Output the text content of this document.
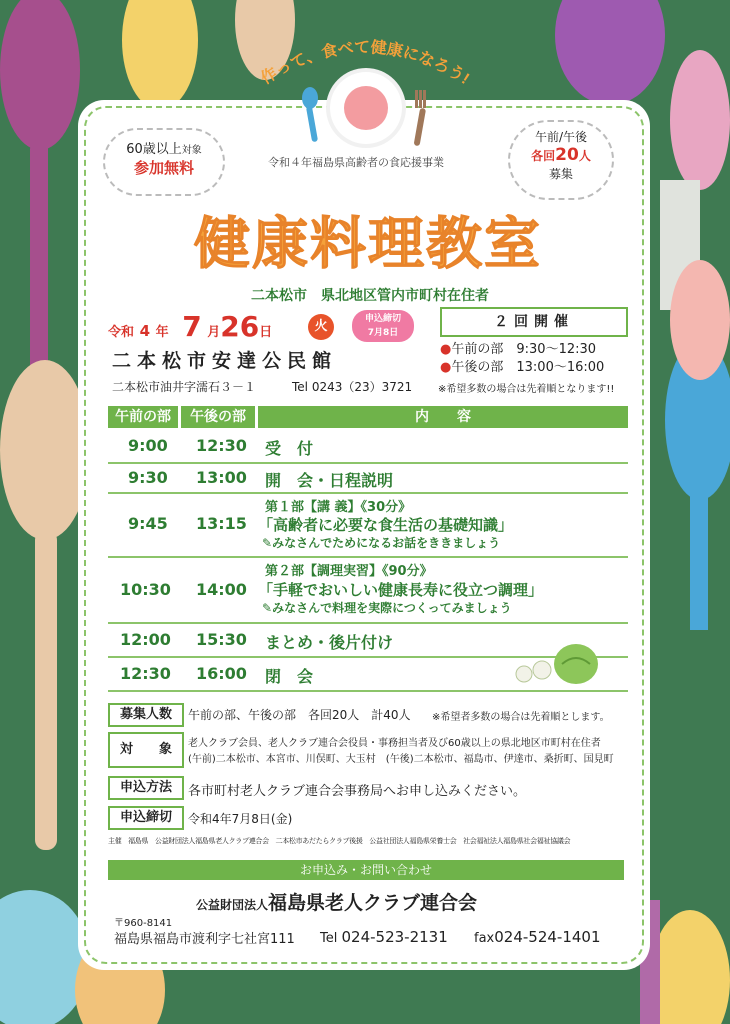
作って、食べて健康になろう!
60歳以上対象
参加無料
午前/午後
各回20人
募集
令和４年福島県高齢者の食応援事業
健康料理教室
二本松市　県北地区管内市町村在住者
令和 4 年 7 月26日	火	申込締切
7月8日
二本松市安達公民館
二本松市油井字濡石３－１	Tel 0243（23）3721
２回開催
●午前の部　 9:30～12:30
●午後の部　 13:00～16:00
※希望多数の場合は先着順となります!!
午前の部	午後の部	内　　容
9:00 12:30 受　付
9:30 13:00 開　会・日程説明
9:45 13:15
第１部【講 義】《30分》
「高齢者に必要な食生活の基礎知識」
✎みなさんでためになるお話をききましょう
10:30 14:00
第２部【調理実習】《90分》
「手軽でおいしい健康長寿に役立つ調理」
✎みなさんで料理を実際につくってみましょう
12:00 15:30 まとめ・後片付け
12:30 16:00 閉　会
募集人数	午前の部、午後の部　各回20人　計40人 ※希望者多数の場合は先着順とします。
対　　象	老人クラブ会員、老人クラブ連合会役員・事務担当者及び60歳以上の県北地区市町村在住者
(午前)二本松市、本宮市、川俣町、大玉村　(午後)二本松市、福島市、伊達市、桑折町、国見町
申込方法	各市町村老人クラブ連合会事務局へお申し込みください。
申込締切	令和4年7月8日(金)
主催　福島県　公益財団法人福島県老人クラブ連合会　二本松市あだたらクラブ後援　公益社団法人福島県栄養士会　社会福祉法人福島県社会福祉協議会
お申込み・お問い合わせ
公益財団法人福島県老人クラブ連合会
〒960-8141
福島県福島市渡利字七社宮111 Tel 024-523-2131 fax024-524-1401
